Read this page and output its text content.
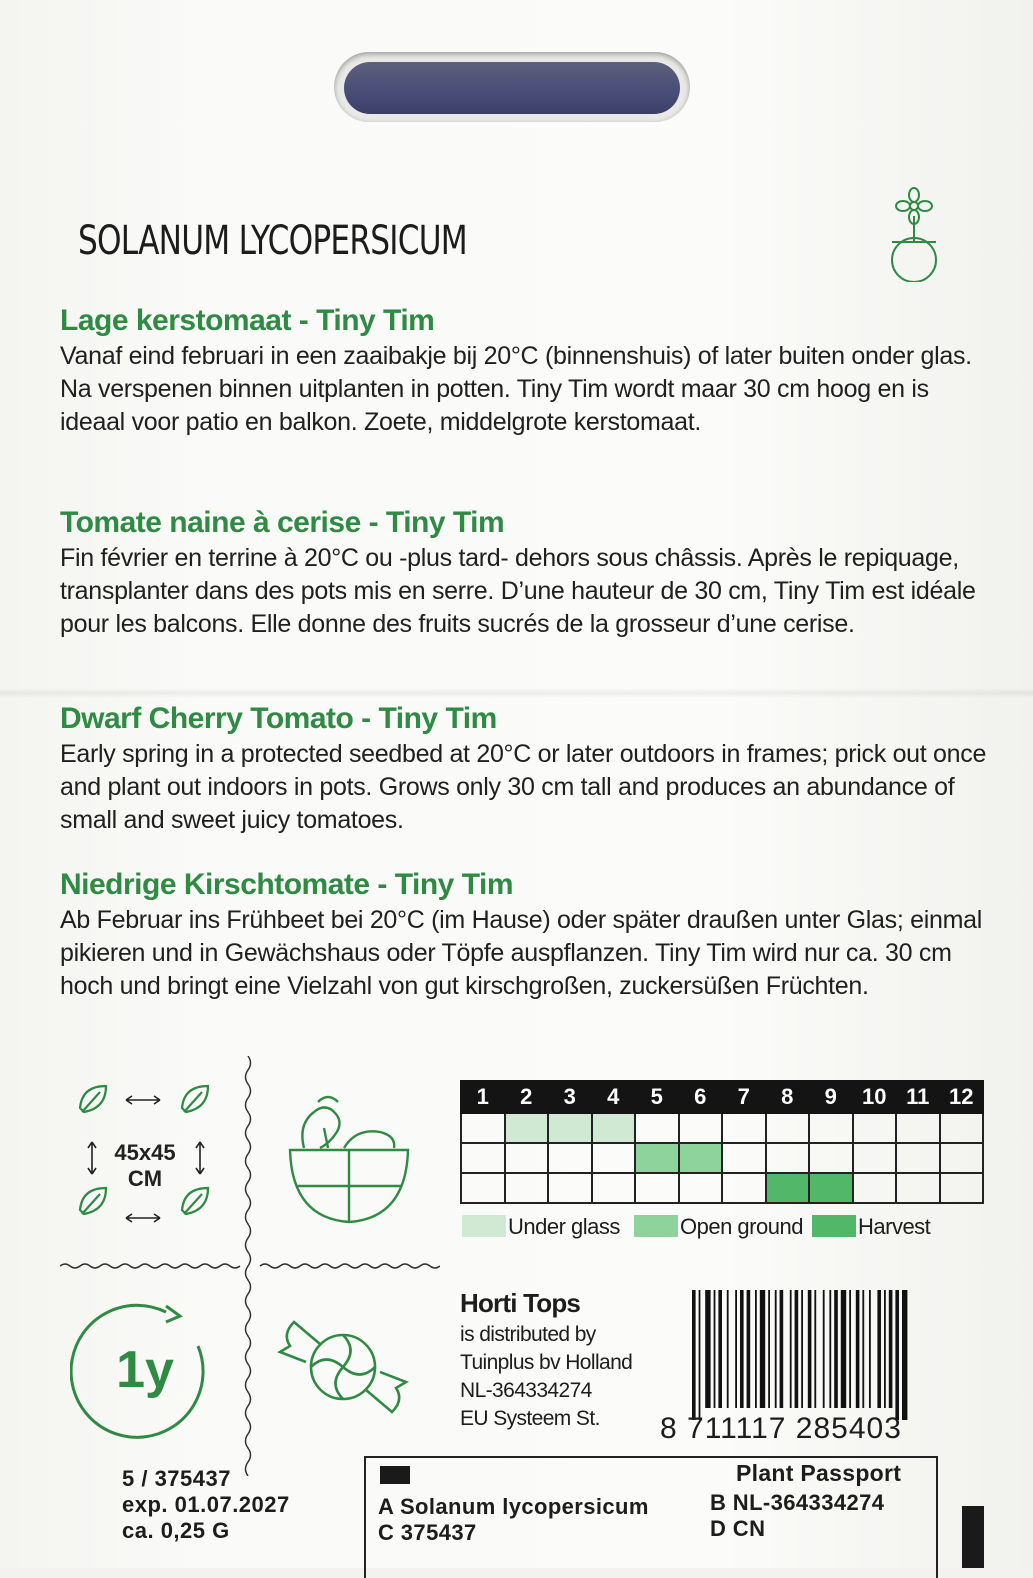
SOLANUM LYCOPERSICUM
Lage kerstomaat - Tiny Tim

Vanaf eind februari in een zaaibakje bij 20°C (binnenshuis) of later buiten onder glas. Na verspenen binnen uitplanten in potten. Tiny Tim wordt maar 30 cm hoog en is ideaal voor patio en balkon. Zoete, middelgrote kerstomaat.

Tomate naine à cerise - Tiny Tim

Fin février en terrine à 20°C ou -plus tard- dehors sous châssis. Après le repiquage, transplanter dans des pots mis en serre. D’une hauteur de 30 cm, Tiny Tim est idéale pour les balcons. Elle donne des fruits sucrés de la grosseur d’une cerise.

Dwarf Cherry Tomato - Tiny Tim

Early spring in a protected seedbed at 20°C or later outdoors in frames; prick out once and plant out indoors in pots. Grows only 30 cm tall and produces an abundance of small and sweet juicy tomatoes.

Niedrige Kirschtomate - Tiny Tim

Ab Februar ins Frühbeet bei 20°C (im Hause) oder später draußen unter Glas; einmal pikieren und in Gewächshaus oder Töpfe auspflanzen. Tiny Tim wird nur ca. 30 cm hoch und bringt eine Vielzahl von gut kirschgroßen, zuckersüßen Früchten.

45x45
CM
1y
1	2	3	4	5	6	7	8	9	10	11	12

Under glass	Open ground	Harvest
Horti Tops
is distributed by
Tuinplus bv Holland
NL-364334274
EU Systeem St.	8 711117 285403
5 / 375437
exp. 01.07.2027
ca. 0,25 G
Plant Passport
A Solanum lycopersicum	B NL-364334274
C 375437	D CN
